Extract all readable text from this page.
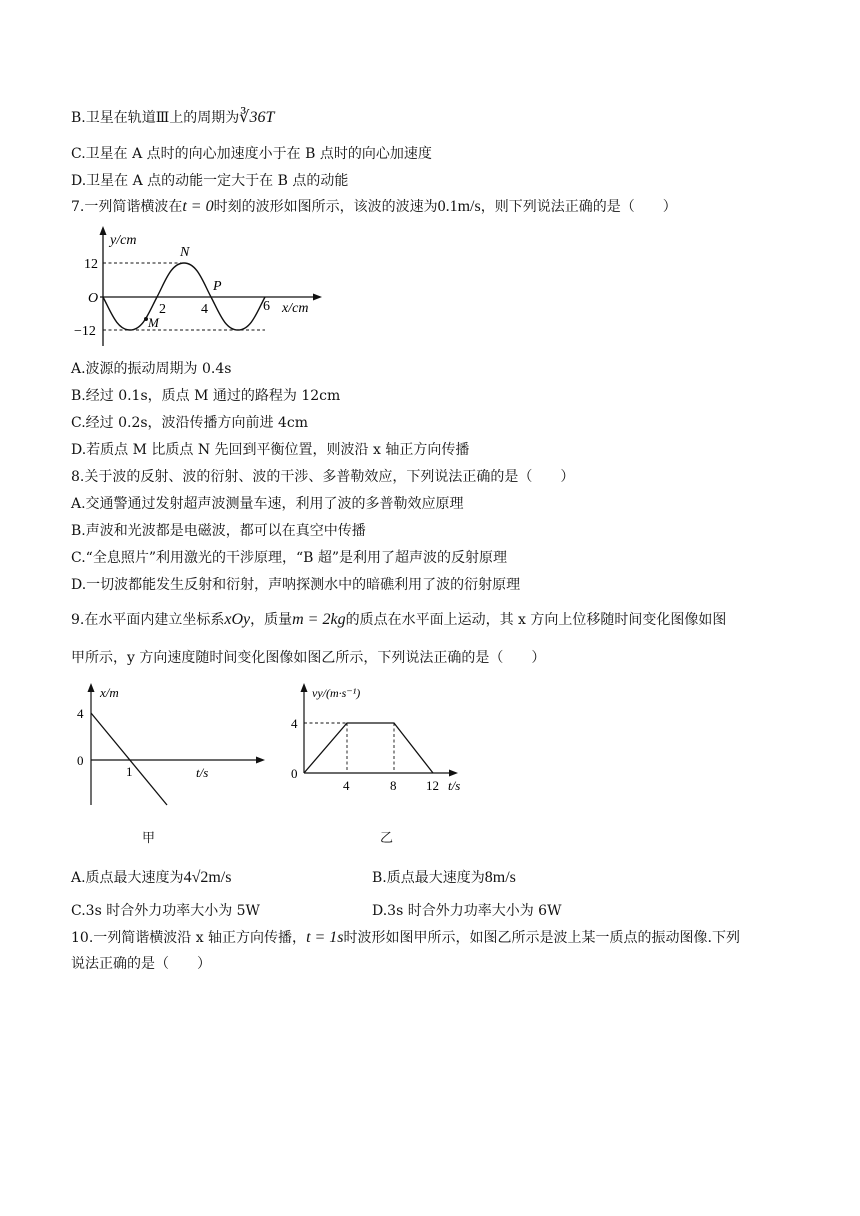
B.卫星在轨道Ⅲ上的周期为∛36T
C.卫星在 A 点时的向心加速度小于在 B 点时的向心加速度
D.卫星在 A 点的动能一定大于在 B 点的动能
7.一列简谐横波在t = 0时刻的波形如图所示，该波的波速为0.1m/s，则下列说法正确的是（　　）
y/cm
x/cm
O
12
−12
2	4	6
N
P
M
A.波源的振动周期为 0.4s
B.经过 0.1s，质点 M 通过的路程为 12cm
C.经过 0.2s，波沿传播方向前进 4cm
D.若质点 M 比质点 N 先回到平衡位置，则波沿 x 轴正方向传播
8.关于波的反射、波的衍射、波的干涉、多普勒效应，下列说法正确的是（　　）
A.交通警通过发射超声波测量车速，利用了波的多普勒效应原理
B.声波和光波都是电磁波，都可以在真空中传播
C.“全息照片”利用激光的干涉原理，“B 超”是利用了超声波的反射原理
D.一切波都能发生反射和衍射，声呐探测水中的暗礁利用了波的衍射原理
9.在水平面内建立坐标系xOy，质量m = 2kg的质点在水平面上运动，其 x 方向上位移随时间变化图像如图
甲所示，y 方向速度随时间变化图像如图乙所示，下列说法正确的是（　　）
x/m
4
0
1	t/s
甲
vy/(m·s⁻¹)
4
0
4	8 12 t/s
乙
A.质点最大速度为4√2m/s	B.质点最大速度为8m/s
C.3s 时合外力功率大小为 5W	D.3s 时合外力功率大小为 6W
10.一列简谐横波沿 x 轴正方向传播，t = 1s时波形如图甲所示，如图乙所示是波上某一质点的振动图像.下列
说法正确的是（　　）
